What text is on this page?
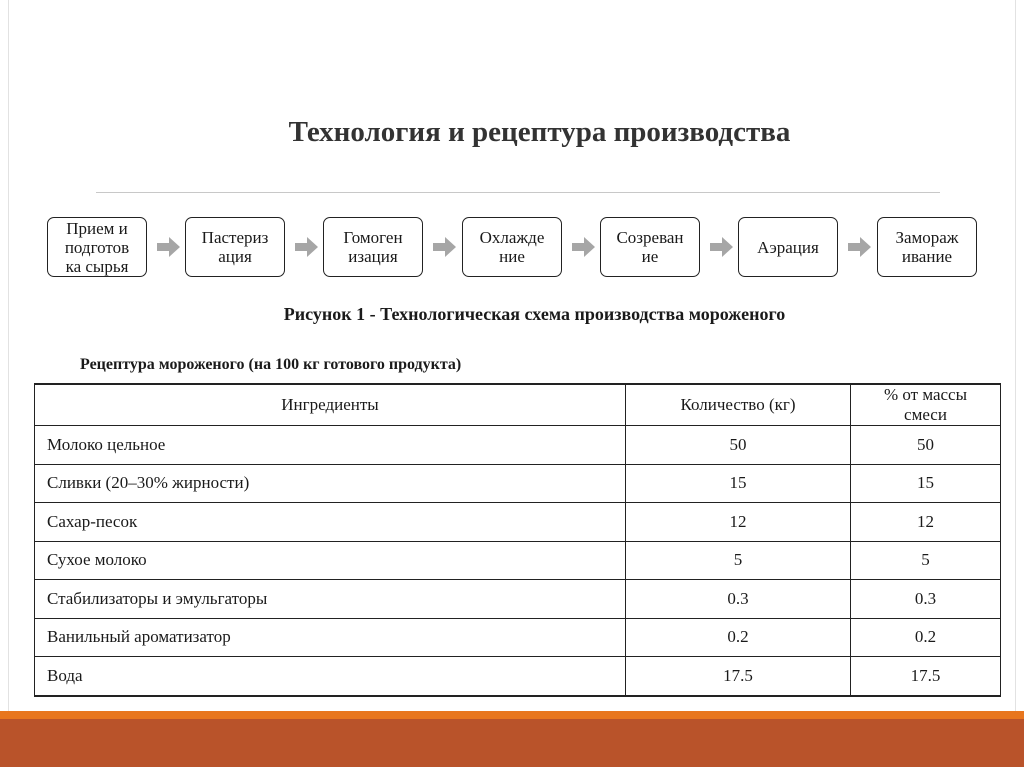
Технология и рецептура производства
Прием и
подготов
ка сырья
Пастериз
ация
Гомоген
изация
Охлажде
ние
Созреван
ие	Аэрация	Замораж
ивание
Рисунок 1 - Технологическая схема производства мороженого
Рецептура мороженого (на 100 кг готового продукта)
Ингредиенты	Количество (кг)	% от массы смеси
Молоко цельное	50	50
Сливки (20–30% жирности)	15	15
Сахар-песок	12	12
Сухое молоко	5	5
Стабилизаторы и эмульгаторы	0.3	0.3
Ванильный ароматизатор	0.2	0.2
Вода	17.5	17.5
